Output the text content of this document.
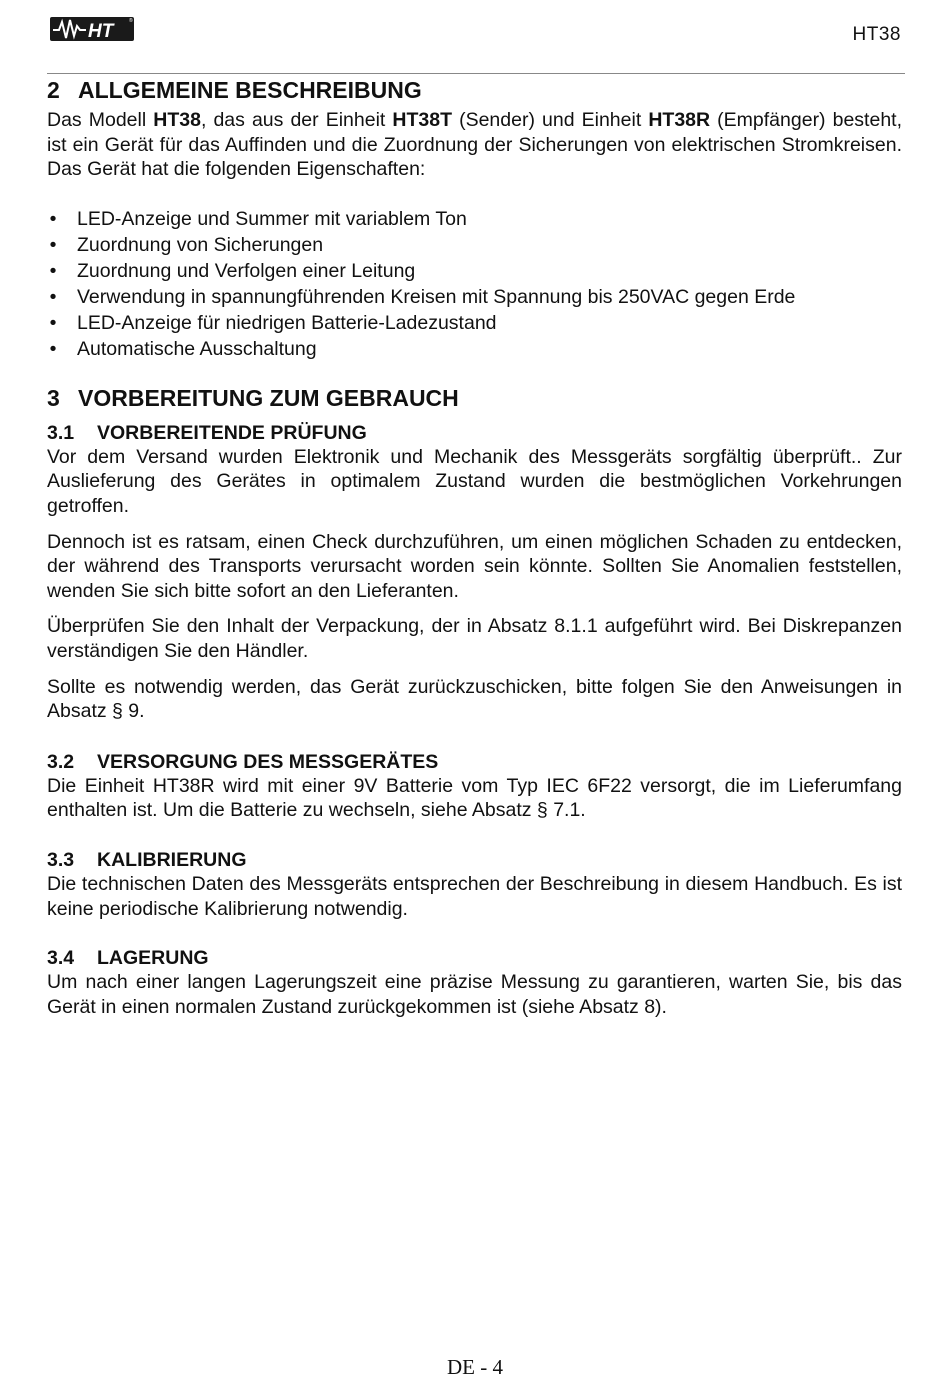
HT	®
HT38
2 ALLGEMEINE BESCHREIBUNG

Das Modell HT38, das aus der Einheit HT38T (Sender) und Einheit HT38R (Empfänger) besteht, ist ein Gerät für das Auffinden und die Zuordnung der Sicherungen von elektrischen Stromkreisen. Das Gerät hat die folgenden Eigenschaften:

• LED-Anzeige und Summer mit variablem Ton
• Zuordnung von Sicherungen
• Zuordnung und Verfolgen einer Leitung
• Verwendung in spannungführenden Kreisen mit Spannung bis 250VAC gegen Erde
• LED-Anzeige für niedrigen Batterie-Ladezustand
• Automatische Ausschaltung
3 VORBEREITUNG ZUM GEBRAUCH
3.1 VORBEREITENDE PRÜFUNG

Vor dem Versand wurden Elektronik und Mechanik des Messgeräts sorgfältig überprüft.. Zur Auslieferung des Gerätes in optimalem Zustand wurden die bestmöglichen Vorkehrungen getroffen.

Dennoch ist es ratsam, einen Check durchzuführen, um einen möglichen Schaden zu entdecken, der während des Transports verursacht worden sein könnte. Sollten Sie Anomalien feststellen, wenden Sie sich bitte sofort an den Lieferanten.

Überprüfen Sie den Inhalt der Verpackung, der in Absatz 8.1.1 aufgeführt wird. Bei Diskrepanzen verständigen Sie den Händler.

Sollte es notwendig werden, das Gerät zurückzuschicken, bitte folgen Sie den Anweisungen in Absatz § 9.

3.2 VERSORGUNG DES MESSGERÄTES

Die Einheit HT38R wird mit einer 9V Batterie vom Typ IEC 6F22 versorgt, die im Lieferumfang enthalten ist. Um die Batterie zu wechseln, siehe Absatz § 7.1.

3.3 KALIBRIERUNG

Die technischen Daten des Messgeräts entsprechen der Beschreibung in diesem Handbuch. Es ist keine periodische Kalibrierung notwendig.

3.4 LAGERUNG

Um nach einer langen Lagerungszeit eine präzise Messung zu garantieren, warten Sie, bis das Gerät in einen normalen Zustand zurückgekommen ist (siehe Absatz 8).

DE - 4
